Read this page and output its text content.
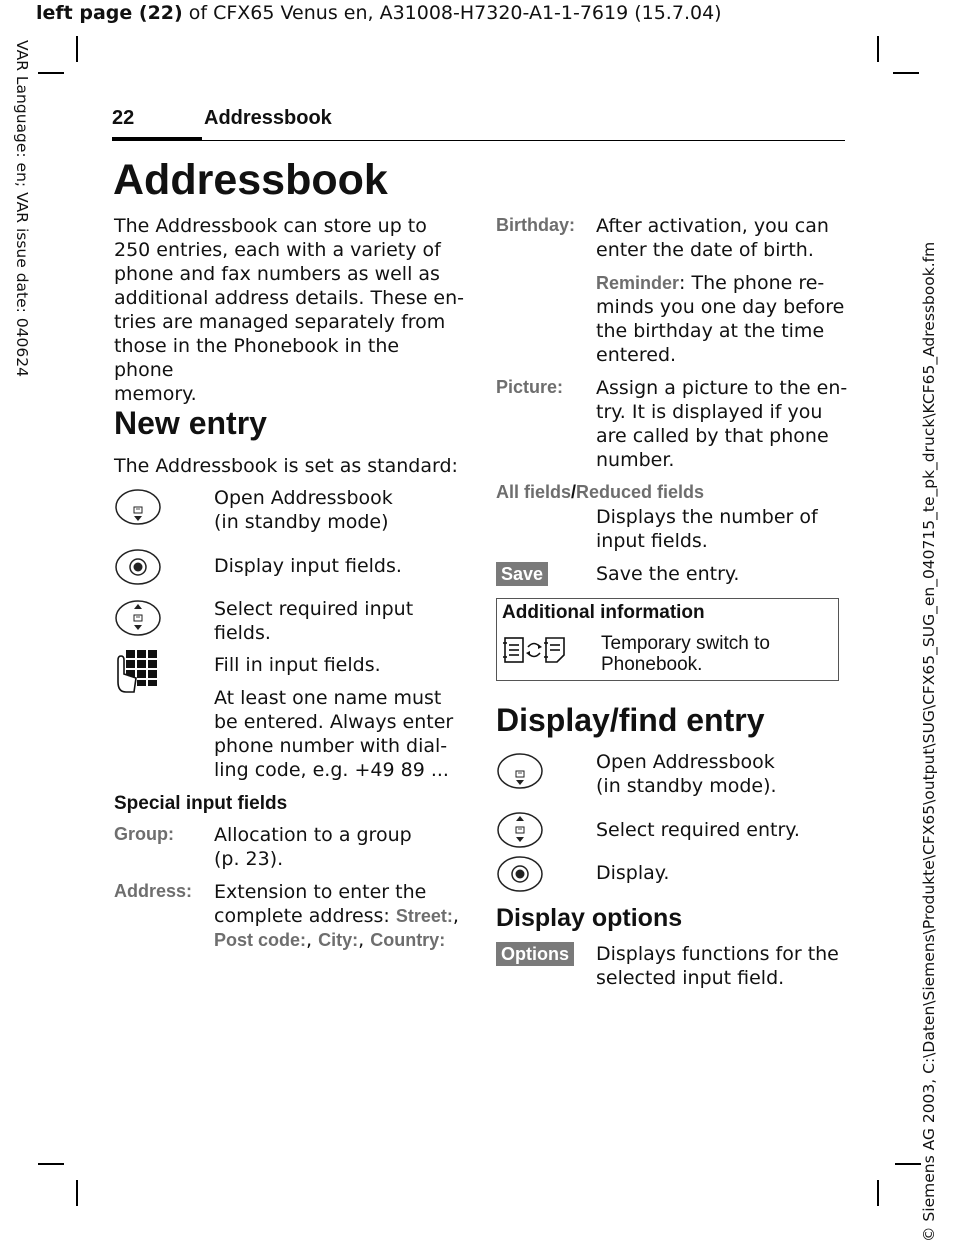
left page (22) of CFX65 Venus en, A31008-H7320-A1-1-7619 (15.7.04)
VAR Language: en; VAR issue date: 040624
© Siemens AG 2003, C:\Daten\Siemens\Produkte\CFX65\output\SUG\CFX65_SUG_en_040715_te_pk_druck\KCF65_Adressbook.fm
22	Addressbook
Addressbook
The Addressbook can store up to
250 entries, each with a variety of
phone and fax numbers as well as
additional address details. These en-
tries are managed separately from
those in the Phonebook in the phone
memory.
New entry
The Addressbook is set as standard:
Open Addressbook
(in standby mode)
Display input fields.
Select required input
fields.
Fill in input fields.
At least one name must
be entered. Always enter
phone number with dial-
ling code, e.g. +49 89 ...
Special input fields
Group: Allocation to a group
(p. 23).
Address: Extension to enter the
complete address: Street:,
Post code:, City:, Country:
Birthday: After activation, you can
enter the date of birth.
Reminder: The phone re-
minds you one day before
the birthday at the time
entered.
Picture: Assign a picture to the en-
try. It is displayed if you
are called by that phone
number.
All fields/Reduced fields
Displays the number of
input fields.
Save	Save the entry.
Additional information
Temporary switch to
Phonebook.
Display/find entry
Open Addressbook
(in standby mode).
Select required entry.
Display.
Display options
Options Displays functions for the
selected input field.
